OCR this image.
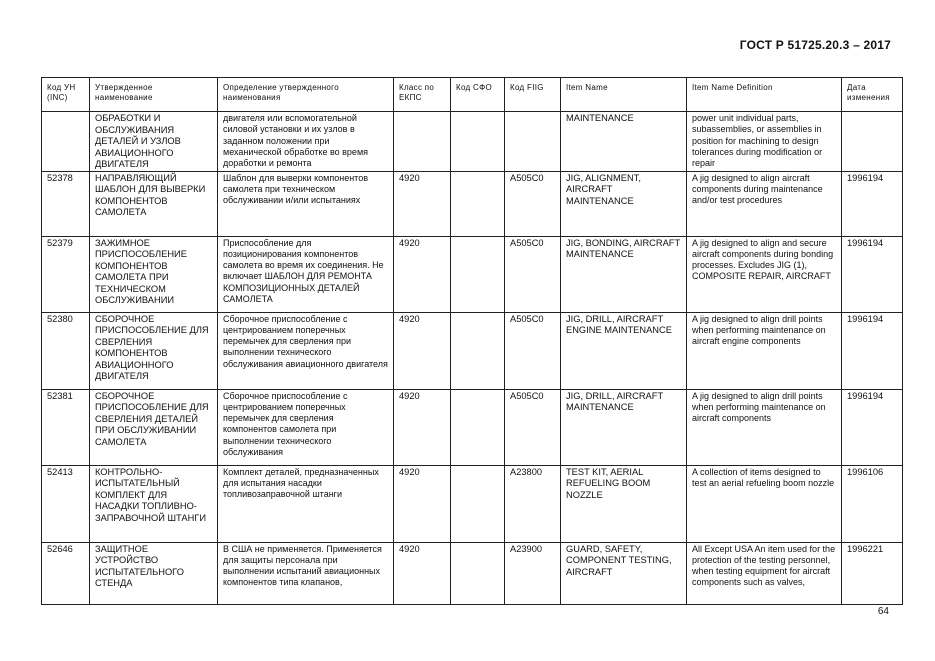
ГОСТ Р 51725.20.3 – 2017
Код УН (INC)	Утвержденное наименование	Определение утвержденного наименования	Класс по ЕКПС	Код СФО	Код FIIG	Item Name	Item Name Definition	Дата изменения
	ОБРАБОТКИ И ОБСЛУЖИВАНИЯ ДЕТАЛЕЙ И УЗЛОВ АВИАЦИОННОГО ДВИГАТЕЛЯ	двигателя или вспомогательной силовой установки и их узлов в заданном положении при механической обработке во время доработки и ремонта				MAINTENANCE	power unit individual parts, subassemblies, or assemblies in position for machining to design tolerances during modification or repair	
52378	НАПРАВЛЯЮЩИЙ ШАБЛОН ДЛЯ ВЫВЕРКИ КОМПОНЕНТОВ САМОЛЕТА	Шаблон для выверки компонентов самолета при техническом обслуживании и/или испытаниях	4920		A505C0	JIG, ALIGNMENT, AIRCRAFT MAINTENANCE	A jig designed to align aircraft components during maintenance and/or test procedures	1996194
52379	ЗАЖИМНОЕ ПРИСПОСОБЛЕНИЕ КОМПОНЕНТОВ САМОЛЕТА ПРИ ТЕХНИЧЕСКОМ ОБСЛУЖИВАНИИ	Приспособление для позиционирования компонентов самолета во время их соединения. Не включает ШАБЛОН ДЛЯ РЕМОНТА КОМПОЗИЦИОННЫХ ДЕТАЛЕЙ САМОЛЕТА	4920		A505C0	JIG, BONDING, AIRCRAFT MAINTENANCE	A jig designed to align and secure aircraft components during bonding processes. Excludes JIG (1), COMPOSITE REPAIR, AIRCRAFT	1996194
52380	СБОРОЧНОЕ ПРИСПОСОБЛЕНИЕ ДЛЯ СВЕРЛЕНИЯ КОМПОНЕНТОВ АВИАЦИОННОГО ДВИГАТЕЛЯ	Сборочное приспособление с центрированием поперечных перемычек для сверления при выполнении технического обслуживания авиационного двигателя	4920		A505C0	JIG, DRILL, AIRCRAFT ENGINE MAINTENANCE	A jig designed to align drill points when performing maintenance on aircraft engine components	1996194
52381	СБОРОЧНОЕ ПРИСПОСОБЛЕНИЕ ДЛЯ СВЕРЛЕНИЯ ДЕТАЛЕЙ ПРИ ОБСЛУЖИВАНИИ САМОЛЕТА	Сборочное приспособление с центрированием поперечных перемычек для сверления компонентов самолета при выполнении технического обслуживания	4920		A505C0	JIG, DRILL, AIRCRAFT MAINTENANCE	A jig designed to align drill points when performing maintenance on aircraft components	1996194
52413	КОНТРОЛЬНО-ИСПЫТАТЕЛЬНЫЙ КОМПЛЕКТ ДЛЯ НАСАДКИ ТОПЛИВНО-ЗАПРАВОЧНОЙ ШТАНГИ	Комплект деталей, предназначенных для испытания насадки топливозаправочной штанги	4920		A23800	TEST KIT, AERIAL REFUELING BOOM NOZZLE	A collection of items designed to test an aerial refueling boom nozzle	1996106
52646	ЗАЩИТНОЕ УСТРОЙСТВО ИСПЫТАТЕЛЬНОГО СТЕНДА	В США не применяется. Применяется для защиты персонала при выполнении испытаний авиационных компонентов типа клапанов,	4920		A23900	GUARD, SAFETY, COMPONENT TESTING, AIRCRAFT	All Except USA An item used for the protection of the testing personnel, when testing equipment for aircraft components such as valves,	1996221
64
